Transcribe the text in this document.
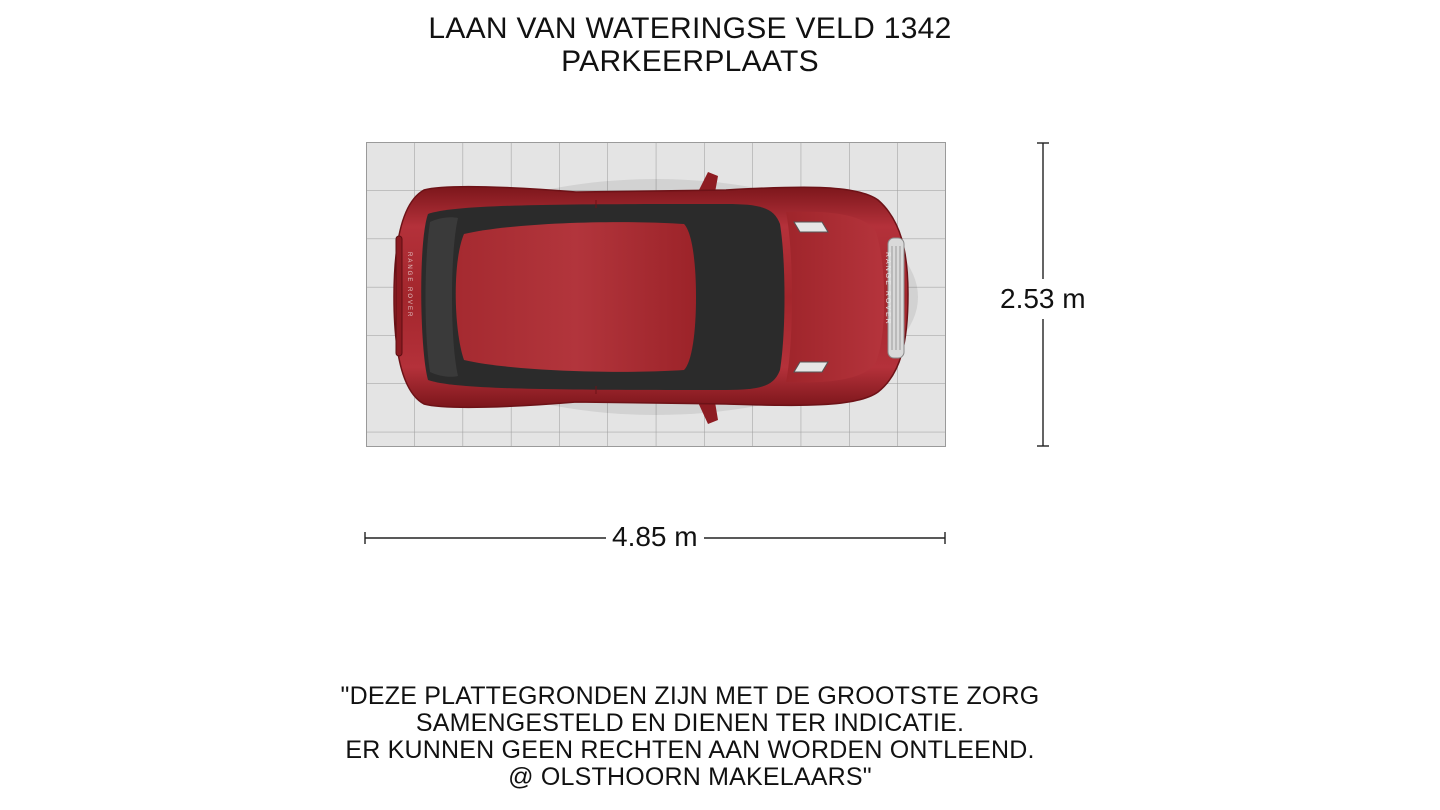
LAAN VAN WATERINGSE VELD 1342
PARKEERPLAATS
RANGE ROVER
RANGE ROVER	2.53 m
4.85 m
"DEZE PLATTEGRONDEN ZIJN MET DE GROOTSTE ZORG
SAMENGESTELD EN DIENEN TER INDICATIE.
ER KUNNEN GEEN RECHTEN AAN WORDEN ONTLEEND.
@ OLSTHOORN MAKELAARS"
